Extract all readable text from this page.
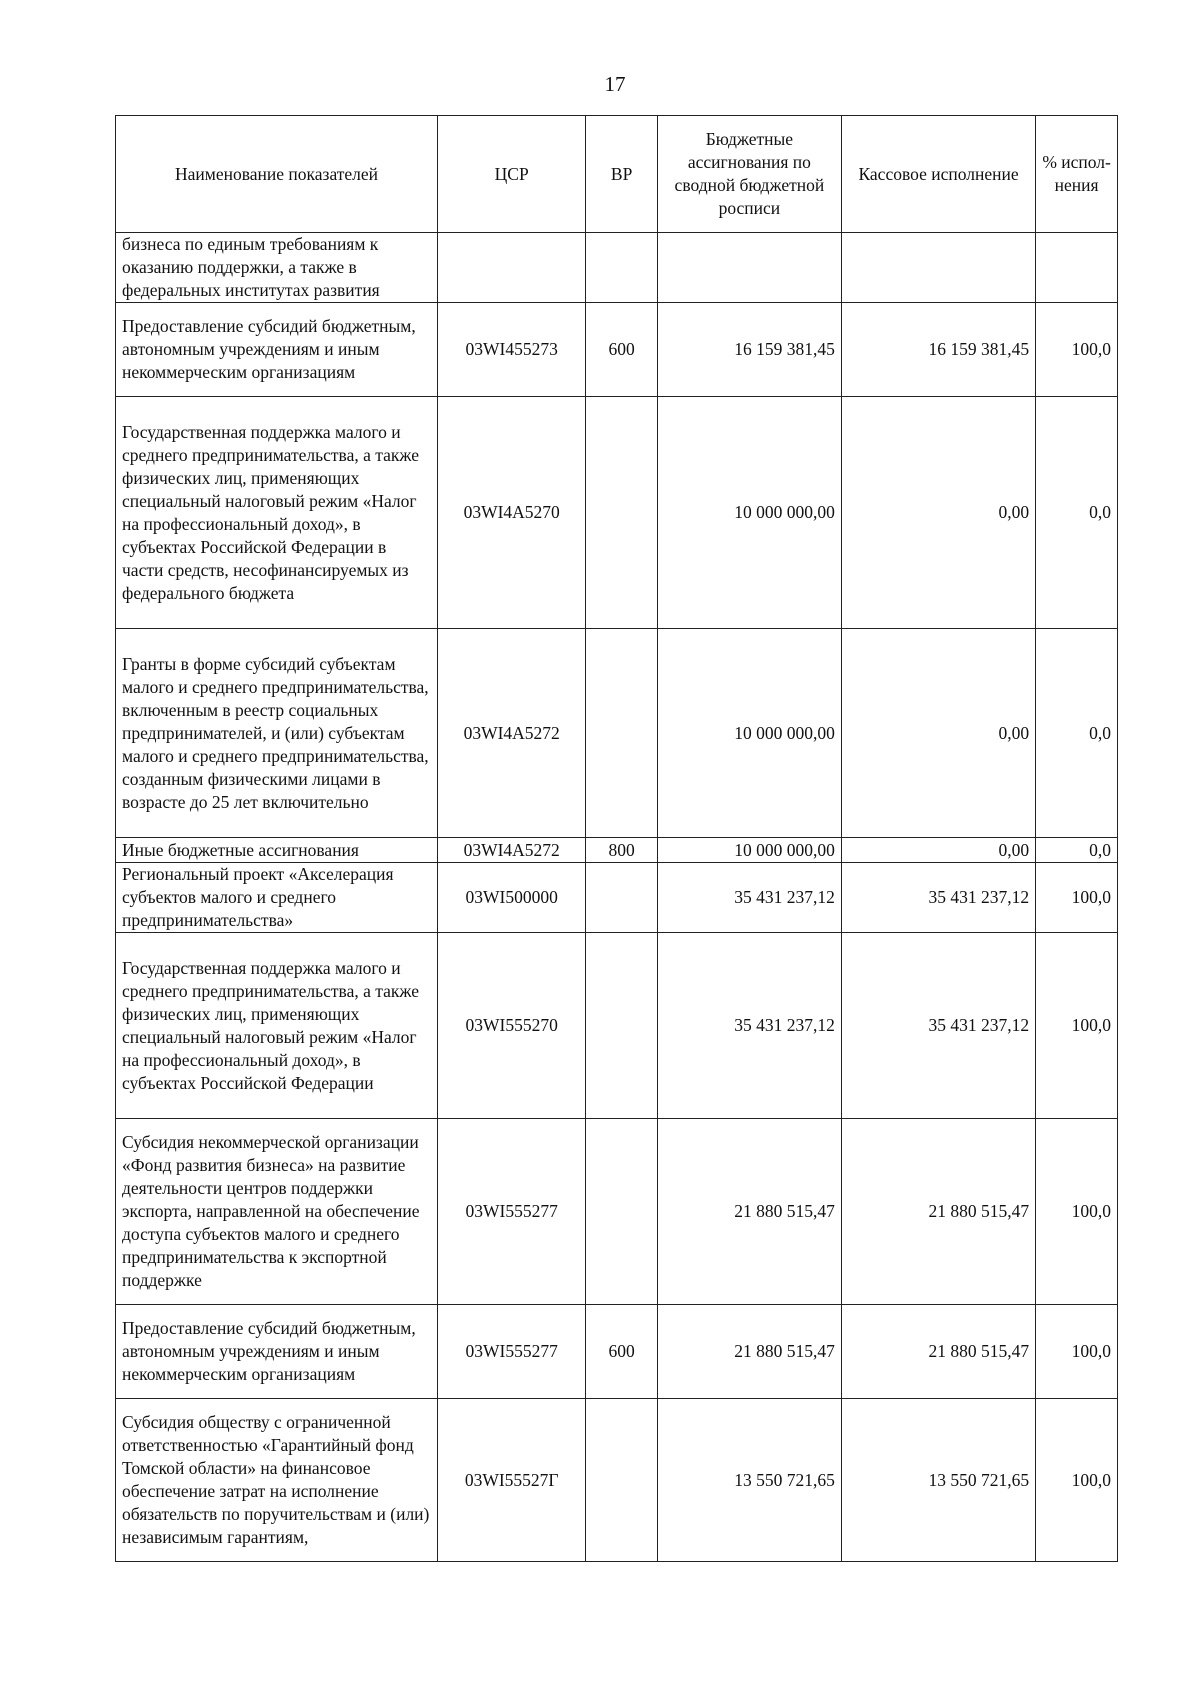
17
Наименование показателей	ЦСР	ВР	Бюджетные ассигнования по сводной бюджетной росписи	Кассовое исполнение	% испол-нения
бизнеса по единым требованиям к оказанию поддержки, а также в федеральных институтах развития					
Предоставление субсидий бюджетным, автономным учреждениям и иным некоммерческим организациям	03WI455273	600	16 159 381,45	16 159 381,45	100,0
Государственная поддержка малого и среднего предпринимательства, а также физических лиц, применяющих специальный налоговый режим «Налог на профессиональный доход», в субъектах Российской Федерации в части средств, несофинансируемых из федерального бюджета	03WI4A5270		10 000 000,00	0,00	0,0
Гранты в форме субсидий субъектам малого и среднего предпринимательства, включенным в реестр социальных предпринимателей, и (или) субъектам малого и среднего предпринимательства, созданным физическими лицами в возрасте до 25 лет включительно	03WI4A5272		10 000 000,00	0,00	0,0
Иные бюджетные ассигнования	03WI4A5272	800	10 000 000,00	0,00	0,0
Региональный проект «Акселерация субъектов малого и среднего предпринимательства»	03WI500000		35 431 237,12	35 431 237,12	100,0
Государственная поддержка малого и среднего предпринимательства, а также физических лиц, применяющих специальный налоговый режим «Налог на профессиональный доход», в субъектах Российской Федерации	03WI555270		35 431 237,12	35 431 237,12	100,0
Субсидия некоммерческой организации «Фонд развития бизнеса» на развитие деятельности центров поддержки экспорта, направленной на обеспечение доступа субъектов малого и среднего предпринимательства к экспортной поддержке	03WI555277		21 880 515,47	21 880 515,47	100,0
Предоставление субсидий бюджетным, автономным учреждениям и иным некоммерческим организациям	03WI555277	600	21 880 515,47	21 880 515,47	100,0
Субсидия обществу с ограниченной ответственностью «Гарантийный фонд Томской области» на финансовое обеспечение затрат на исполнение обязательств по поручительствам и (или) независимым гарантиям,	03WI55527Г		13 550 721,65	13 550 721,65	100,0
